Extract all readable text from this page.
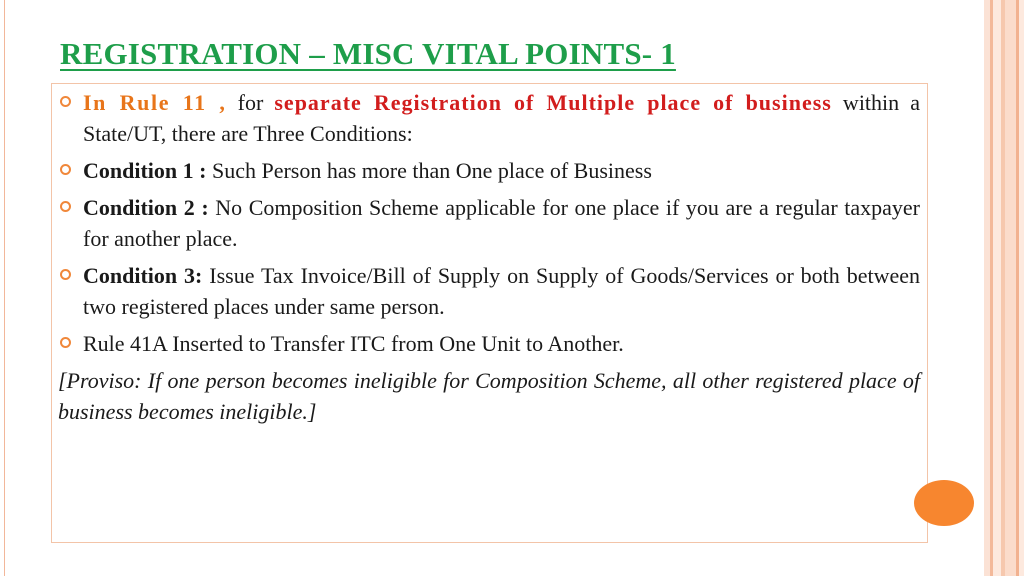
REGISTRATION – MISC VITAL POINTS- 1
In Rule 11 , for separate Registration of Multiple place of business within a State/UT, there are Three Conditions:
Condition 1 : Such Person has more than One place of Business
Condition 2 : No Composition Scheme applicable for one place if you are a regular taxpayer for another place.
Condition 3: Issue Tax Invoice/Bill of Supply on Supply of Goods/Services or both between two registered places under same person.
Rule 41A Inserted to Transfer ITC from One Unit to Another.
[Proviso: If one person becomes ineligible for Composition Scheme, all other registered place of business becomes ineligible.]
